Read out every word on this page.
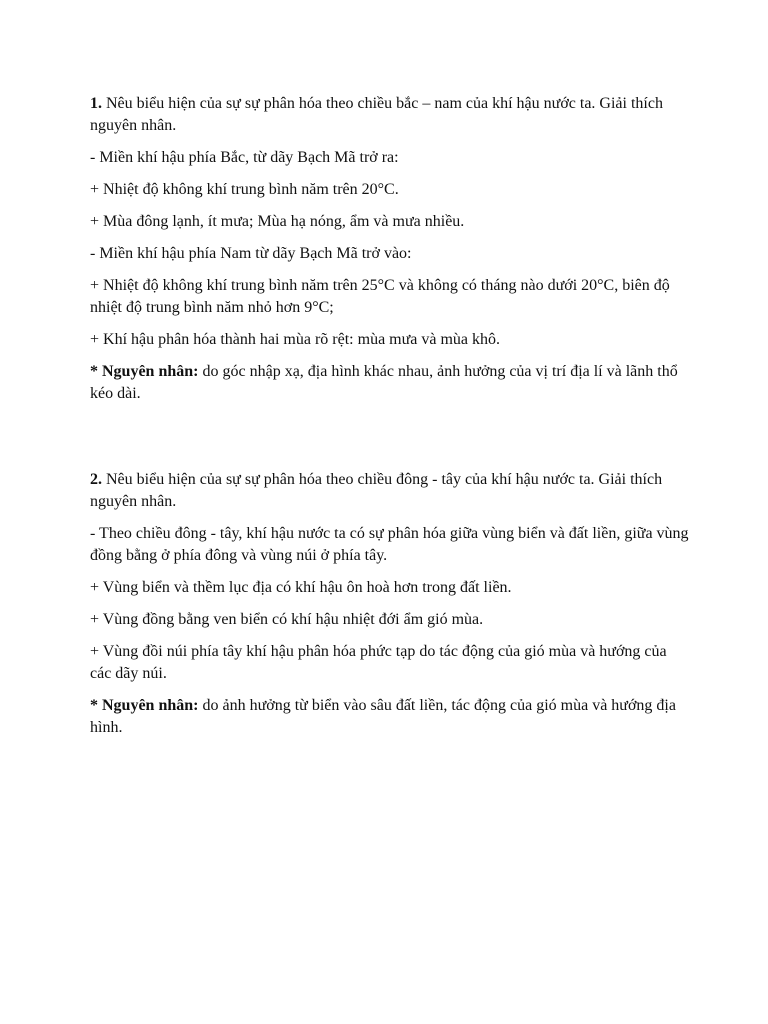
1. Nêu biểu hiện của sự sự phân hóa theo chiều bắc – nam của khí hậu nước ta. Giải thích nguyên nhân.

- Miền khí hậu phía Bắc, từ dãy Bạch Mã trở ra:

+ Nhiệt độ không khí trung bình năm trên 20°C.

+ Mùa đông lạnh, ít mưa; Mùa hạ nóng, ẩm và mưa nhiều.

- Miền khí hậu phía Nam từ dãy Bạch Mã trở vào:

+ Nhiệt độ không khí trung bình năm trên 25°C và không có tháng nào dưới 20°C, biên độ nhiệt độ trung bình năm nhỏ hơn 9°C;

+ Khí hậu phân hóa thành hai mùa rõ rệt: mùa mưa và mùa khô.

* Nguyên nhân: do góc nhập xạ, địa hình khác nhau, ảnh hưởng của vị trí địa lí và lãnh thổ kéo dài.

2. Nêu biểu hiện của sự sự phân hóa theo chiều đông - tây của khí hậu nước ta. Giải thích nguyên nhân.

- Theo chiều đông - tây, khí hậu nước ta có sự phân hóa giữa vùng biển và đất liền, giữa vùng đồng bằng ở phía đông và vùng núi ở phía tây.

+ Vùng biển và thềm lục địa có khí hậu ôn hoà hơn trong đất liền.

+ Vùng đồng bằng ven biển có khí hậu nhiệt đới ẩm gió mùa.

+ Vùng đồi núi phía tây khí hậu phân hóa phức tạp do tác động của gió mùa và hướng của các dãy núi.

* Nguyên nhân: do ảnh hưởng từ biển vào sâu đất liền, tác động của gió mùa và hướng địa hình.
